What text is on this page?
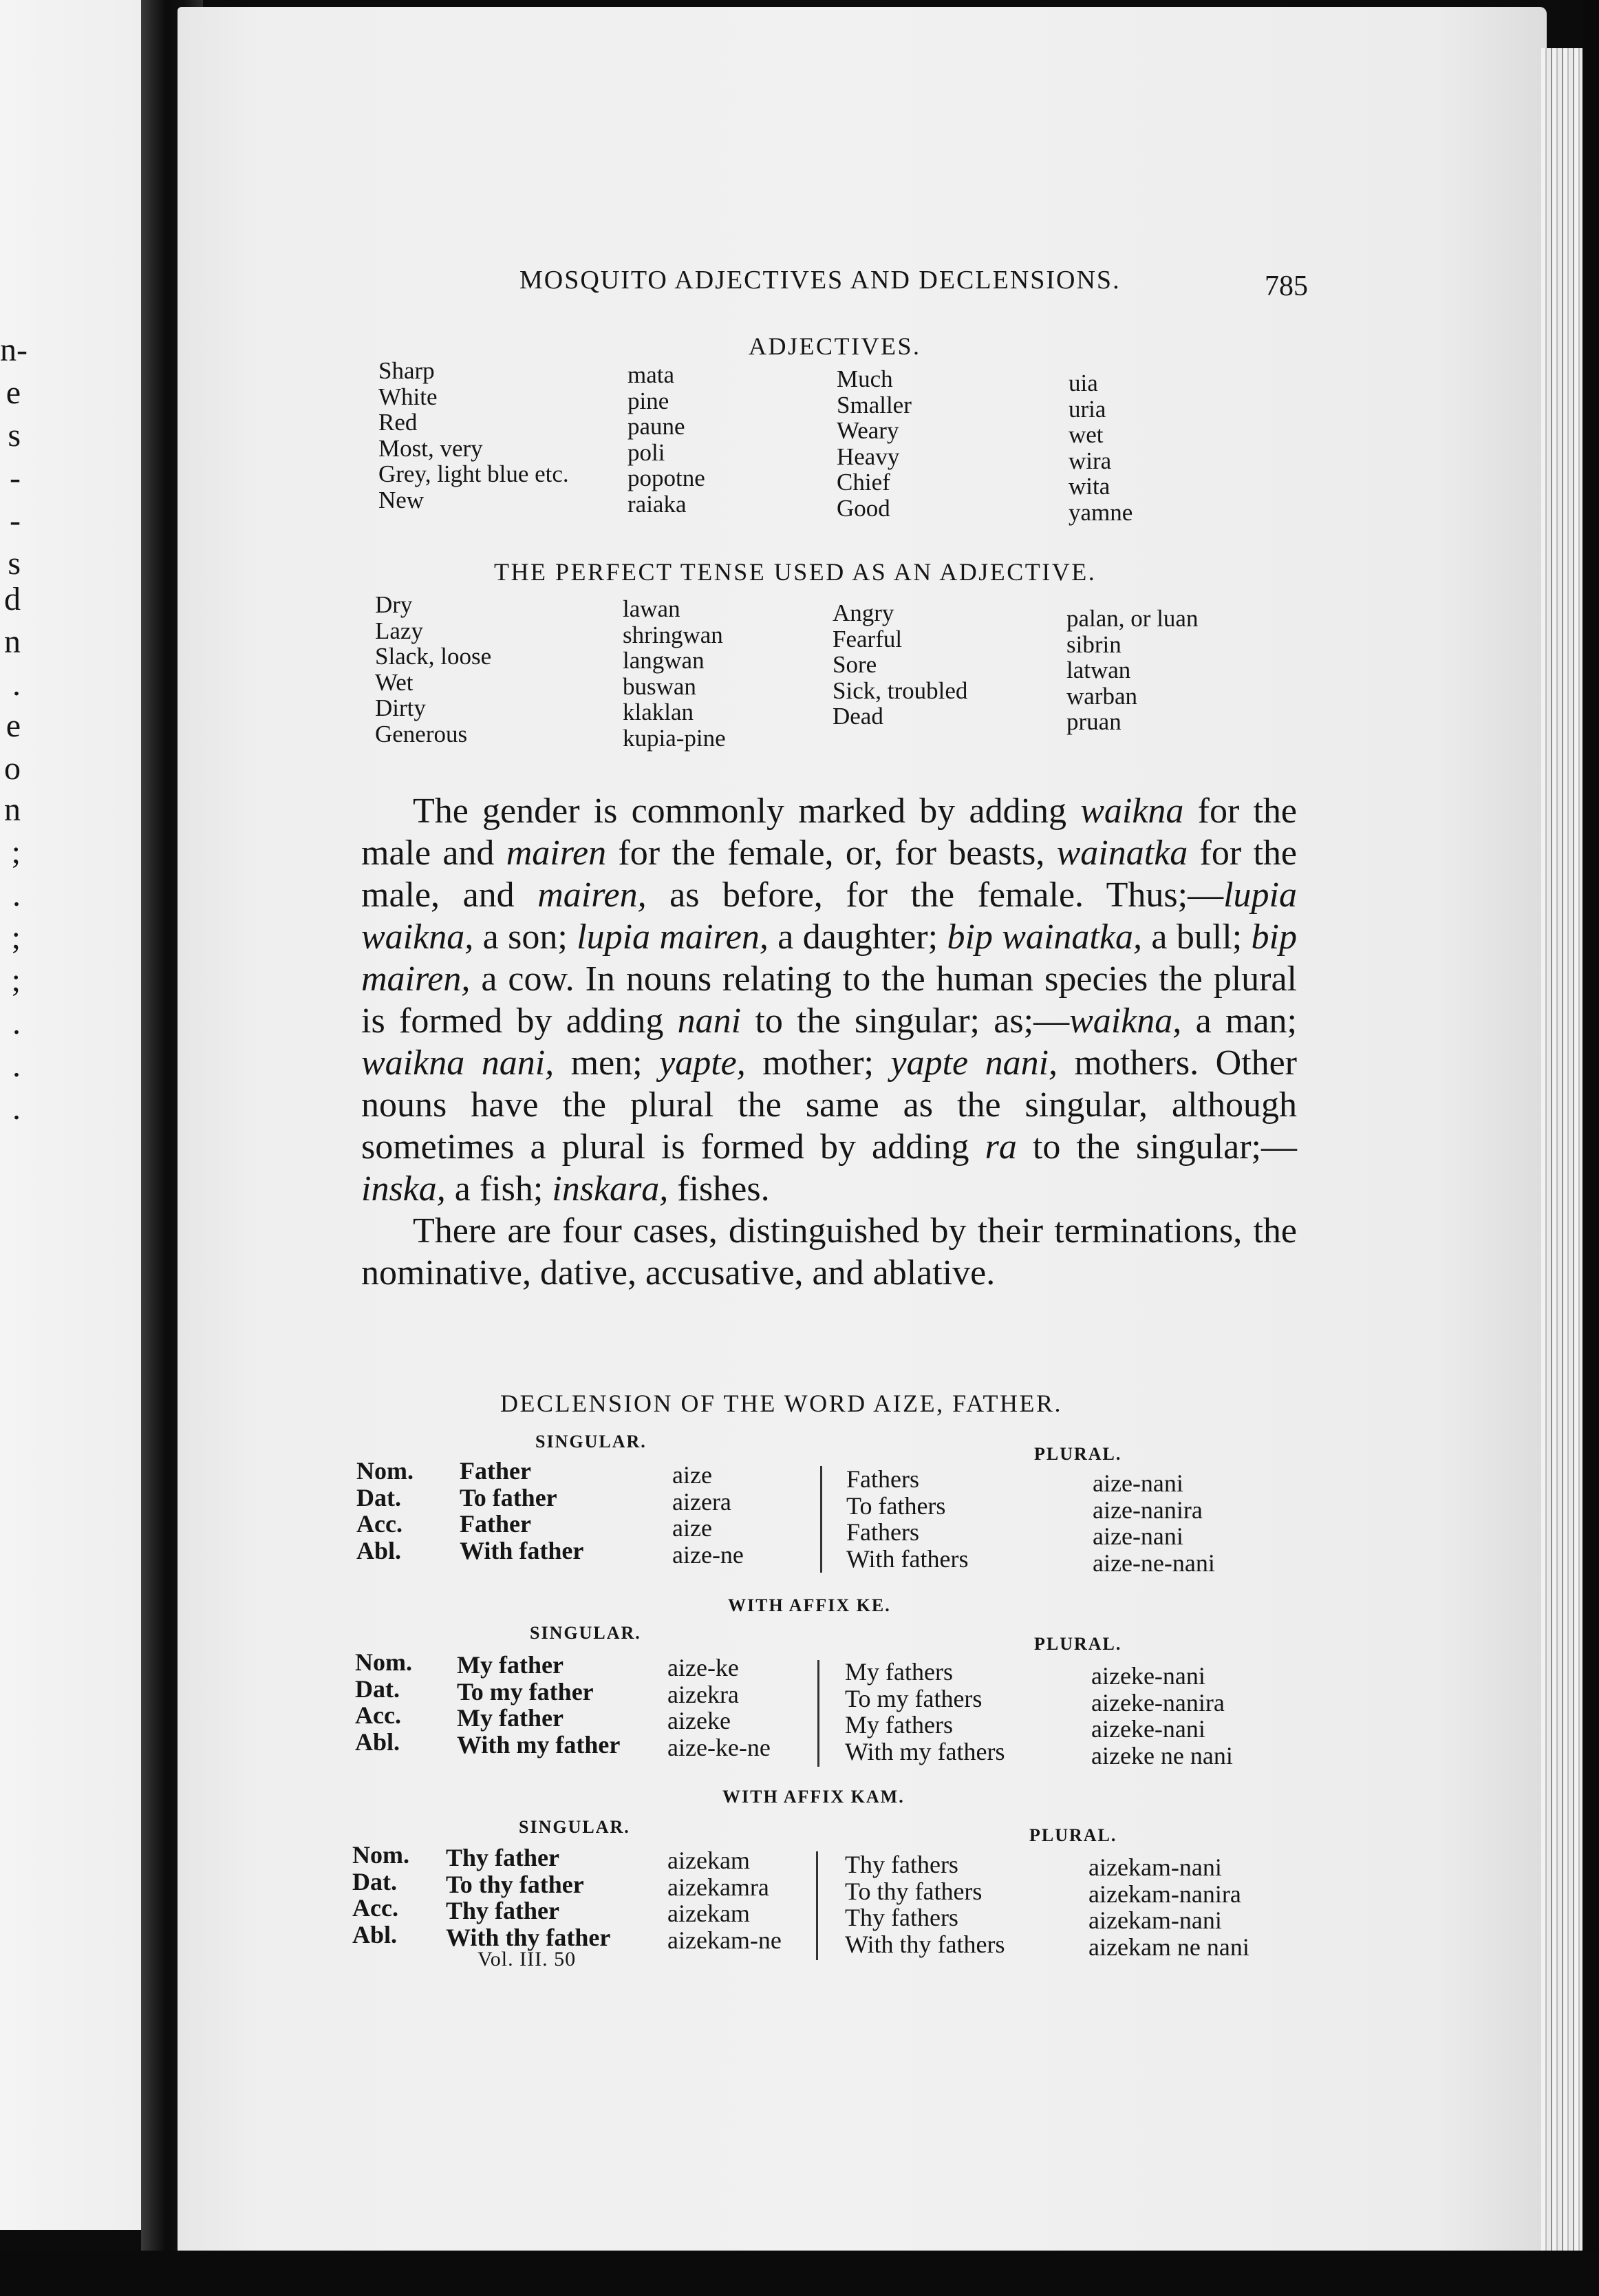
n-
e
s
-
-
s
d
n
.
e
o
n
;
.
;
;
.
.
.
MOSQUITO ADJECTIVES AND DECLENSIONS.	785
ADJECTIVES.
Sharp
White
Red
Most, very
Grey, light blue etc.
New
mata
pine
paune
poli
popotne
raiaka
Much
Smaller
Weary
Heavy
Chief
Good
uia
uria
wet
wira
wita
yamne
THE PERFECT TENSE USED AS AN ADJECTIVE.
Dry
Lazy
Slack, loose
Wet
Dirty
Generous
lawan
shringwan
langwan
buswan
klaklan
kupia-pine
Angry
Fearful
Sore
Sick, troubled
Dead
palan, or luan
sibrin
latwan
warban
pruan

The gender is commonly marked by adding waikna for the male and mairen for the female, or, for beasts, wainatka for the male, and mairen, as before, for the female. Thus;—lupia waikna, a son; lupia mairen, a daughter; bip wainatka, a bull; bip mairen, a cow. In nouns relating to the human species the plural is formed by adding nani to the singular; as;—waikna, a man; waikna nani, men; yapte, mother; yapte nani, mothers. Other nouns have the plural the same as the singular, although sometimes a plural is formed by adding ra to the singular;—inska, a fish; inskara, fishes.

There are four cases, distinguished by their terminations, the nominative, dative, accusative, and ablative.

DECLENSION OF THE WORD AIZE, FATHER.
SINGULAR.
PLURAL.
Nom.
Dat.
Acc.
Abl.
Father
To father
Father
With father
aize
aizera
aize
aize-ne
Fathers
To fathers
Fathers
With fathers
aize-nani
aize-nanira
aize-nani
aize-ne-nani
WITH AFFIX KE.
SINGULAR.
PLURAL.
Nom.
Dat.
Acc.
Abl.
My father
To my father
My father
With my father
aize-ke
aizekra
aizeke
aize-ke-ne
My fathers
To my fathers
My fathers
With my fathers
aizeke-nani
aizeke-nanira
aizeke-nani
aizeke ne nani
WITH AFFIX KAM.
SINGULAR.	PLURAL.
Nom.
Dat.
Acc.
Abl.
Thy father
To thy father
Thy father
With thy father
aizekam
aizekamra
aizekam
aizekam-ne
Thy fathers
To thy fathers
Thy fathers
With thy fathers
aizekam-nani
aizekam-nanira
aizekam-nani
aizekam ne nani
Vol. III. 50
